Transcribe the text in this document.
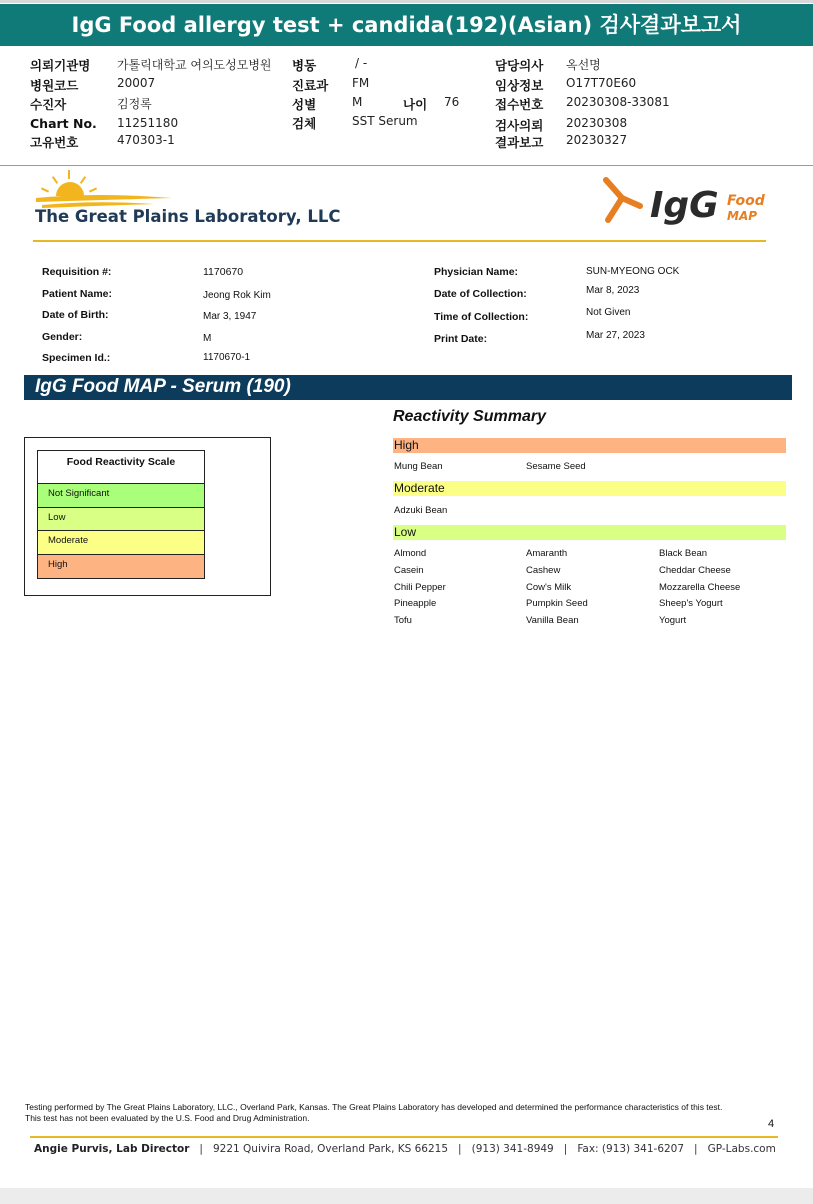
IgG Food allergy test + candida(192)(Asian) 검사결과보고서
의뢰기관명 가톨릭대학교 여의도성모병원
병원코드	20007
수진자	김정록
Chart No. 11251180
고유번호	470303-1
병동	/ -
진료과 FM
성별	M	나이 76
검체	SST Serum
담당의사 옥선명
임상정보 O17T70E60
접수번호 20230308-33081
검사의뢰 20230308
결과보고 20230327
The Great Plains Laboratory, LLC	IgG Food
MAP
Requisition #:	1170670
Patient Name:	Jeong Rok Kim
Date of Birth:	Mar 3, 1947
Gender:	M
Specimen Id.:	1170670-1
Physician Name:	SUN-MYEONG OCK
Date of Collection:	Mar 8, 2023
Time of Collection:	Not Given
Print Date:	Mar 27, 2023
IgG Food MAP - Serum (190)
Food Reactivity Scale
Not Significant
Low
Moderate
High
Reactivity Summary
High
Mung Bean	Sesame Seed
Moderate
Adzuki Bean
Low
Almond	Amaranth	Black Bean
Casein	Cashew	Cheddar Cheese
Chili Pepper	Cow's Milk	Mozzarella Cheese
Pineapple	Pumpkin Seed	Sheep's Yogurt
Tofu	Vanilla Bean	Yogurt
Testing performed by The Great Plains Laboratory, LLC., Overland Park, Kansas. The Great Plains Laboratory has developed and determined the performance characteristics of this test. This test has not been evaluated by the U.S. Food and Drug Administration.	4
Angie Purvis, Lab Director   |   9221 Quivira Road, Overland Park, KS 66215   |   (913) 341-8949   |   Fax: (913) 341-6207   |   GP-Labs.com
